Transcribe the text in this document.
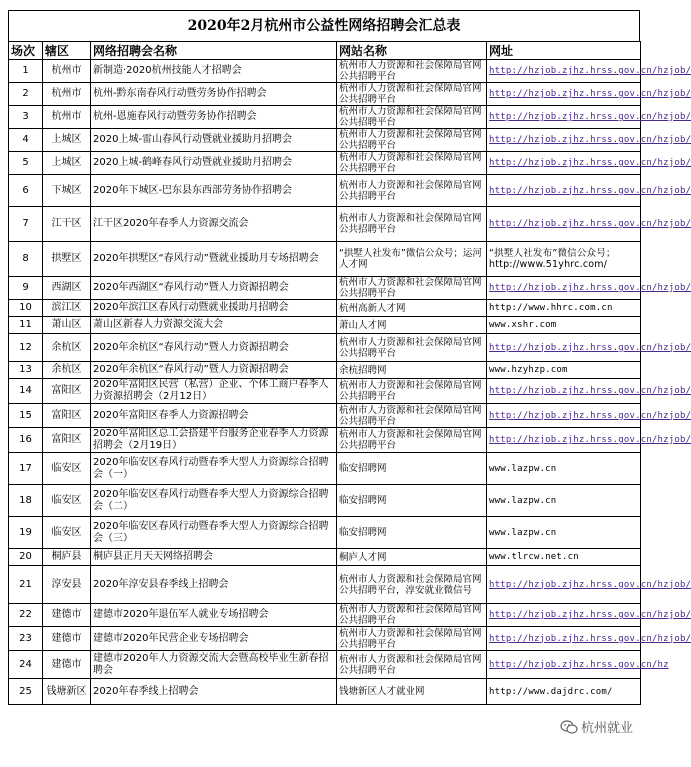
2020年2月杭州市公益性网络招聘会汇总表
场次	辖区	网络招聘会名称	网站名称	网址
1	杭州市	新制造·2020杭州技能人才招聘会	杭州市人力资源和社会保障局官网公共招聘平台	http://hzjob.zjhz.hrss.gov.cn/hzjob/
2	杭州市	杭州-黔东南春风行动暨劳务协作招聘会	杭州市人力资源和社会保障局官网公共招聘平台	http://hzjob.zjhz.hrss.gov.cn/hzjob/
3	杭州市	杭州-恩施春风行动暨劳务协作招聘会	杭州市人力资源和社会保障局官网公共招聘平台	http://hzjob.zjhz.hrss.gov.cn/hzjob/
4	上城区	2020上城-雷山春风行动暨就业援助月招聘会	杭州市人力资源和社会保障局官网公共招聘平台	http://hzjob.zjhz.hrss.gov.cn/hzjob/
5	上城区	2020上城-鹤峰春风行动暨就业援助月招聘会	杭州市人力资源和社会保障局官网公共招聘平台	http://hzjob.zjhz.hrss.gov.cn/hzjob/
6	下城区	2020年下城区-巴东县东西部劳务协作招聘会	杭州市人力资源和社会保障局官网公共招聘平台	http://hzjob.zjhz.hrss.gov.cn/hzjob/
7	江干区	江干区2020年春季人力资源交流会	杭州市人力资源和社会保障局官网公共招聘平台	http://hzjob.zjhz.hrss.gov.cn/hzjob/
8	拱墅区	2020年拱墅区“春风行动”暨就业援助月专场招聘会	“拱墅人社发布”微信公众号；运河人才网	“拱墅人社发布”微信公众号；http://www.51yhrc.com/
9	西湖区	2020年西湖区“春风行动”暨人力资源招聘会	杭州市人力资源和社会保障局官网公共招聘平台	http://hzjob.zjhz.hrss.gov.cn/hzjob/
10	滨江区	2020年滨江区春风行动暨就业援助月招聘会	杭州高新人才网	http://www.hhrc.com.cn
11	萧山区	萧山区新春人力资源交流大会	萧山人才网	www.xshr.com
12	余杭区	2020年余杭区“春风行动”暨人力资源招聘会	杭州市人力资源和社会保障局官网公共招聘平台	http://hzjob.zjhz.hrss.gov.cn/hzjob/
13	余杭区	2020年余杭区“春风行动”暨人力资源招聘会	余杭招聘网	www.hzyhzp.com
14	富阳区	2020年富阳区民营（私营）企业、个体工商户春季人力资源招聘会（2月12日）	杭州市人力资源和社会保障局官网公共招聘平台	http://hzjob.zjhz.hrss.gov.cn/hzjob/
15	富阳区	2020年富阳区春季人力资源招聘会	杭州市人力资源和社会保障局官网公共招聘平台	http://hzjob.zjhz.hrss.gov.cn/hzjob/
16	富阳区	2020年富阳区总工会搭建平台服务企业春季人力资源招聘会（2月19日）	杭州市人力资源和社会保障局官网公共招聘平台	http://hzjob.zjhz.hrss.gov.cn/hzjob/
17	临安区	2020年临安区春风行动暨春季大型人力资源综合招聘会（一）	临安招聘网	www.lazpw.cn
18	临安区	2020年临安区春风行动暨春季大型人力资源综合招聘会（二）	临安招聘网	www.lazpw.cn
19	临安区	2020年临安区春风行动暨春季大型人力资源综合招聘会（三）	临安招聘网	www.lazpw.cn
20	桐庐县	桐庐县正月天天网络招聘会	桐庐人才网	www.tlrcw.net.cn
21	淳安县	2020年淳安县春季线上招聘会	杭州市人力资源和社会保障局官网公共招聘平台，淳安就业微信号	http://hzjob.zjhz.hrss.gov.cn/hzjob/
22	建德市	建德市2020年退伍军人就业专场招聘会	杭州市人力资源和社会保障局官网公共招聘平台	http://hzjob.zjhz.hrss.gov.cn/hzjob/
23	建德市	建德市2020年民营企业专场招聘会	杭州市人力资源和社会保障局官网公共招聘平台	http://hzjob.zjhz.hrss.gov.cn/hzjob/
24	建德市	建德市2020年人力资源交流大会暨高校毕业生新春招聘会	杭州市人力资源和社会保障局官网公共招聘平台	http://hzjob.zjhz.hrss.gov.cn/hz
25	钱塘新区	2020年春季线上招聘会	钱塘新区人才就业网	http://www.dajdrc.com/
杭州就业
